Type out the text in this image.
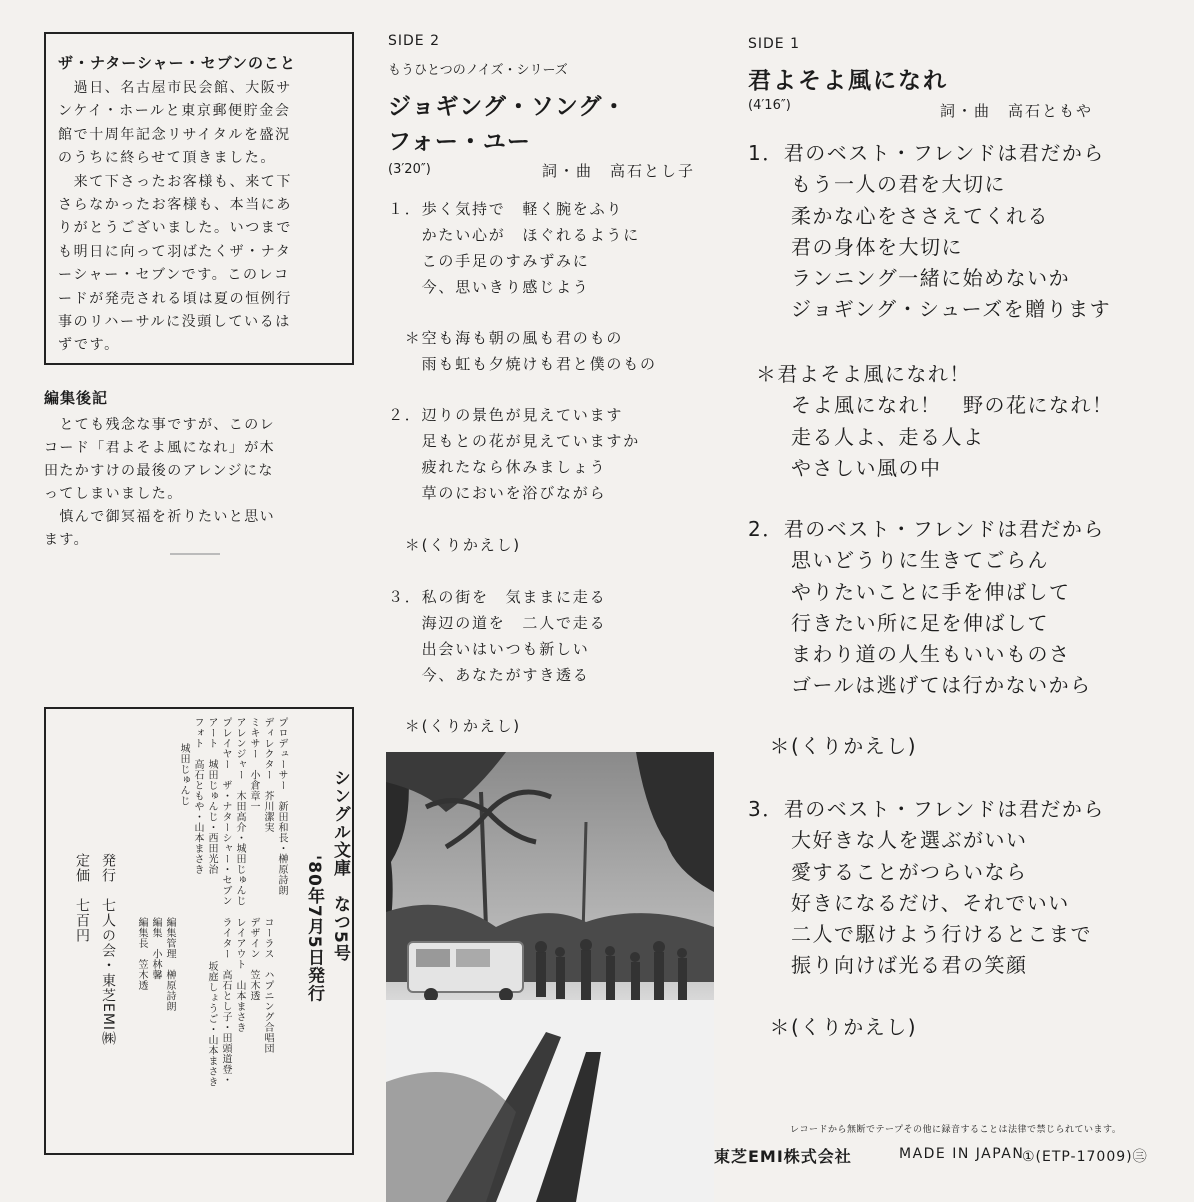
ザ・ナターシャー・セブンのこと
　過日、名古屋市民会館、大阪サ
ンケイ・ホールと東京郵便貯金会
館で十周年記念リサイタルを盛況
のうちに終らせて頂きました。
　来て下さったお客様も、来て下
さらなかったお客様も、本当にあ
りがとうございました。いつまで
も明日に向って羽ばたくザ・ナタ
ーシャー・セブンです。このレコ
ードが発売される頃は夏の恒例行
事のリハーサルに没頭しているは
ずです。
編集後記
　とても残念な事ですが、このレ
コード「君よそよ風になれ」が木
田たかすけの最後のアレンジにな
ってしまいました。
　慎んで御冥福を祈りたいと思い
ます。
シングル文庫　なつ5号
'80年7月5日発行
発行　七人の会・東芝EMI㈱
定価　七百円
プロデューサー　新田和長・榊原詩朗
ディレクター　芥川潔実
ミキサー　小倉章一
アレンジャー　木田高介・城田じゅんじ
プレイヤー　ザ・ナターシャー・セブン
アート　城田じゅんじ・西田光治
フォト　高石ともや・山本まさき
城田じゅんじ
コーラス　ハプニング合唱団
デザイン　笠木透
レイアウト　山本まさき
ライター　高石とし子・田頭道登・
坂庭しょうご・山本まさき
編集管理　榊原詩朗
編集　小林馨
編集長　笠木透
SIDE 2
もうひとつのノイズ・シリーズ
ジョギング・ソング・
フォー・ユー
(3′20″)	詞・曲　高石とし子
１．歩く気持で　軽く腕をふり
　　かたい心が　ほぐれるように
　　この手足のすみずみに
　　今、思いきり感じよう
　＊空も海も朝の風も君のもの
　　雨も虹も夕焼けも君と僕のもの
２．辺りの景色が見えています
　　足もとの花が見えていますか
　　疲れたなら休みましょう
　　草のにおいを浴びながら
　＊(くりかえし)
３．私の街を　気ままに走る
　　海辺の道を　二人で走る
　　出会いはいつも新しい
　　今、あなたがすき透る
　＊(くりかえし)
SIDE 1
君よそよ風になれ
(4′16″)	詞・曲　高石ともや
1．君のベスト・フレンドは君だから
　　もう一人の君を大切に
　　柔かな心をささえてくれる
　　君の身体を大切に
　　ランニング一緒に始めないか
　　ジョギング・シューズを贈ります
＊君よそよ風になれ！
　　そよ風になれ！　野の花になれ！
　　走る人よ、走る人よ
　　やさしい風の中
2．君のベスト・フレンドは君だから
　　思いどうりに生きてごらん
　　やりたいことに手を伸ばして
　　行きたい所に足を伸ばして
　　まわり道の人生もいいものさ
　　ゴールは逃げては行かないから
　＊(くりかえし)
3．君のベスト・フレンドは君だから
　　大好きな人を選ぶがいい
　　愛することがつらいなら
　　好きになるだけ、それでいい
　　二人で駆けよう行けるとこまで
　　振り向けば光る君の笑顔
　＊(くりかえし)
レコードから無断でテープその他に録音することは法律で禁じられています。
東芝EMI株式会社	MADE IN JAPAN
①(ETP-17009)㊂
